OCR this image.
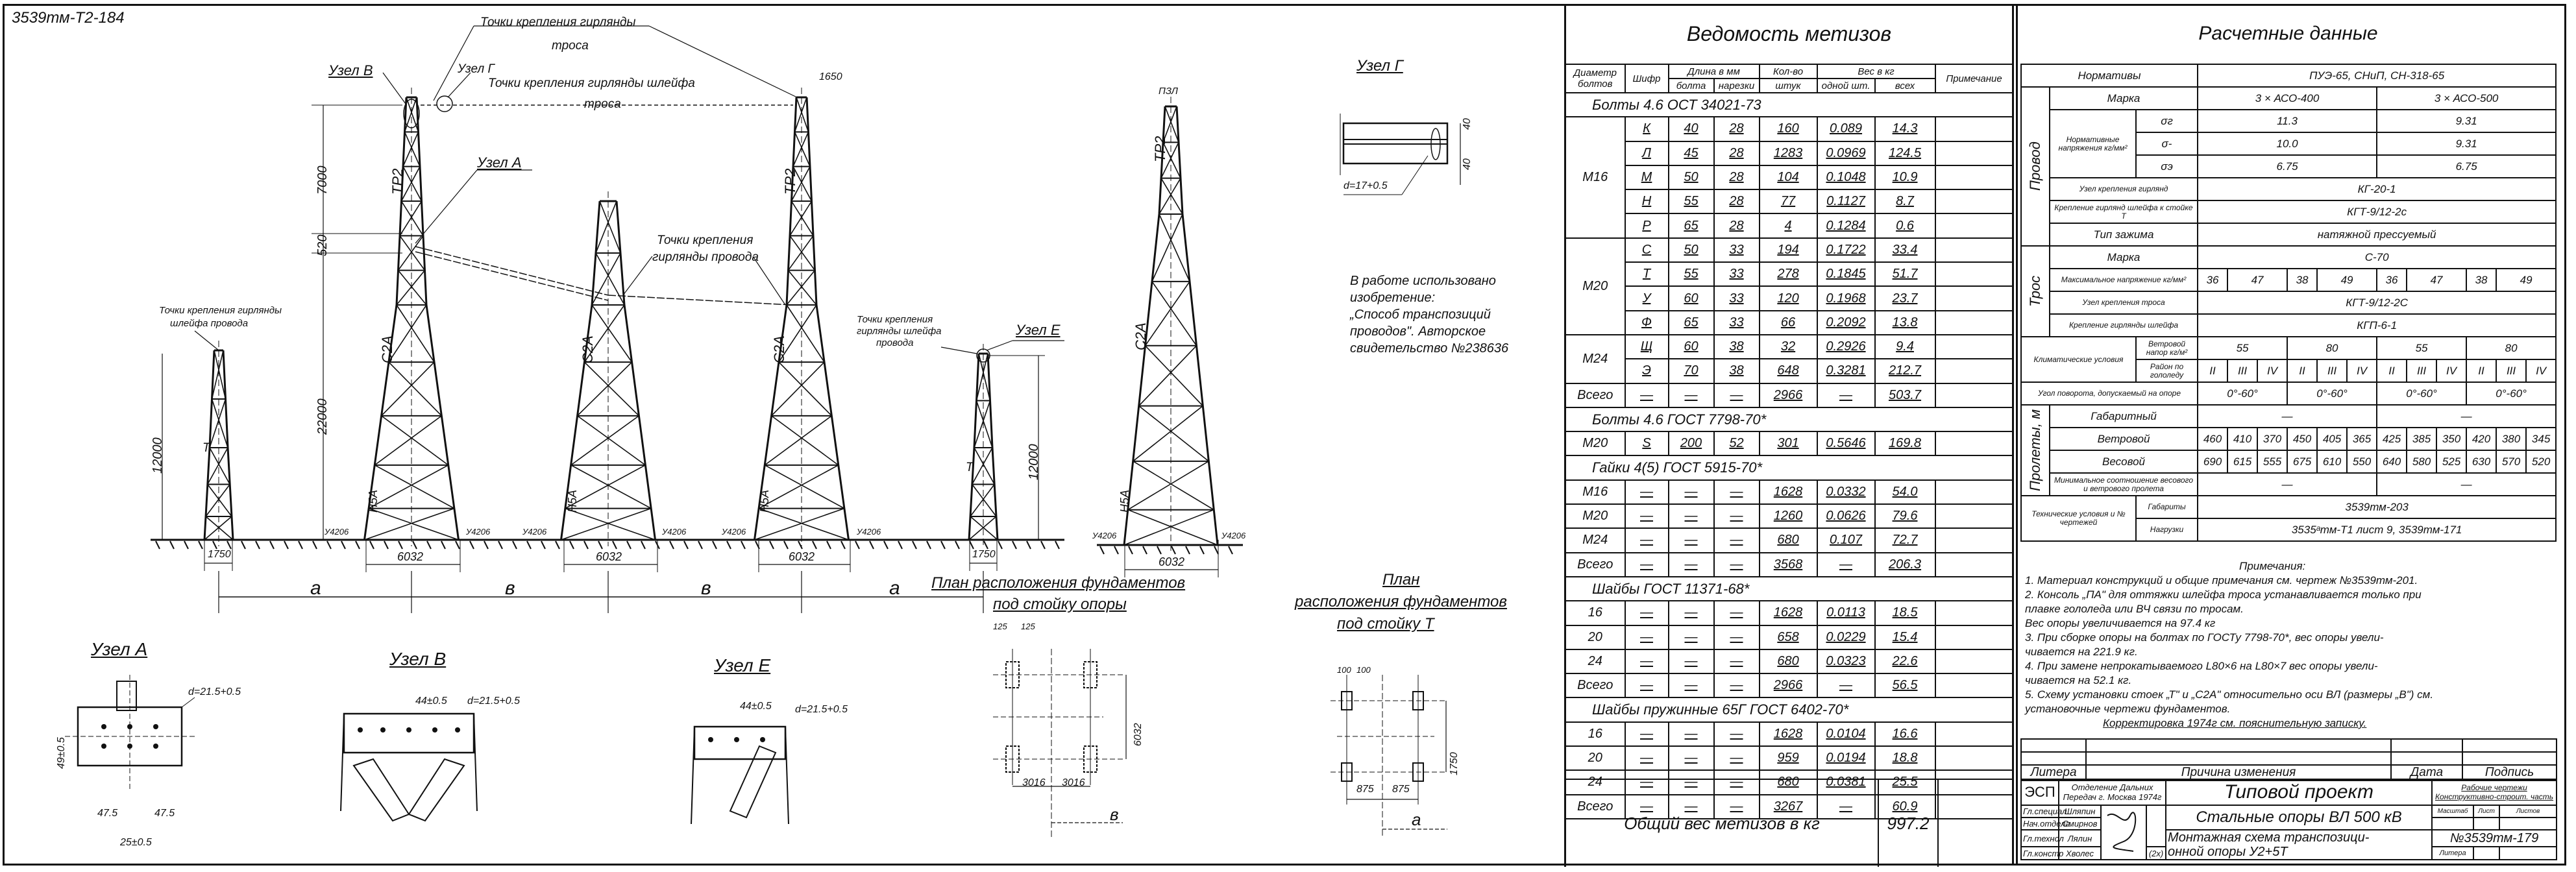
3539тм-Т2-184	Точки крепления гирлянды
троса
Узел В	Узел Г
Точки крепления гирлянды шлейфа
троса
Узел А
Точки крепления
гирлянды провода
Точки крепления гирлянды
шлейфа провода	Точки крепления
гирлянды шлейфа
провода
Узел Е
ТР2	ТР2
ТР2
С2А	С2А	С2А	С2А
Н5А	Н5А	Н5А	Н5А
Т
Т
ПЗЛ
7000
520
22000
12000	12000
1650
6032	6032	6032	6032
1750	1750
У4206	У4206	У4206	У4206	У4206	У4206	У4206	У4206
а	в	в	а
Узел А	Узел В	Узел Е
d=21.5+0.5
d=21.5+0.5
d=21.5+0.5
44±0.5	44±0.5
47.5	47.5
49±0.5
25±0.5
План расположения фундаментов
под стойку опоры
План
расположения фундаментов
под стойку Т
125 125
6032
3016 3016
в
100 100
1750
875 875
а
Узел Г
40
40
d=17+0.5
В работе использовано
изобретение:
„Способ транспозиций
проводов". Авторское
свидетельство №238636
Ведомость метизов
Диаметр болтов	Шифр	Длина в мм		Кол-во	Вес в кг		Примечание
		болта	нарезки	штук	одной шт.	всех	
Болты 4.6 ОСТ 34021-73							
М16	К	40	28	160	0.089	14.3	
	Л	45	28	1283	0.0969	124.5	
	М	50	28	104	0.1048	10.9	
	Н	55	28	77	0.1127	8.7	
	Р	65	28	4	0.1284	0.6	
М20	С	50	33	194	0.1722	33.4	
	Т	55	33	278	0.1845	51.7	
	У	60	33	120	0.1968	23.7	
	Ф	65	33	66	0.2092	13.8	
М24	Щ	60	38	32	0.2926	9.4	
	Э	70	38	648	0.3281	212.7	
Всего	—	—	—	2966	—	503.7	
Болты 4.6 ГОСТ 7798-70*							
М20	Ѕ	200	52	301	0.5646	169.8	
Гайки 4(5) ГОСТ 5915-70*							
М16	—	—	—	1628	0.0332	54.0	
М20	—	—	—	1260	0.0626	79.6	
М24	—	—	—	680	0.107	72.7	
Всего	—	—	—	3568	—	206.3	
Шайбы ГОСТ 11371-68*							
16	—	—	—	1628	0.0113	18.5	
20	—	—	—	658	0.0229	15.4	
24	—	—	—	680	0.0323	22.6	
Всего	—	—	—	2966	—	56.5	
Шайбы пружинные 65Г ГОСТ 6402-70*							
16	—	—	—	1628	0.0104	16.6	
20	—	—	—	959	0.0194	18.8	
24	—	—	—	680	0.0381	25.5	
Всего	—	—	—	3267	—	60.9	
Общий вес метизов в кг	997.2
Расчетные данные
Нормативы			ПУЭ-65, СНиП, СН-318-65											
Провод	Марка		3 × АСО-400						3 × АСО-500					
	Нормативные напряжения кг/мм²	σг	11.3						9.31					
		σ-	10.0						9.31					
		σэ	6.75						6.75					
	Узел крепления гирлянд		КГ-20-1											
	Крепление гирлянд шлейфа к стойке Т		КГТ-9/12-2с											
	Тип зажима		натяжной прессуемый											
Трос	Марка		С-70											
	Максимальное напряжение кг/мм²		36	47		38	49		36	47		38	49	
	Узел крепления троса		КГТ-9/12-2С											
	Крепление гирлянды шлейфа		КГП-6-1											
Климатические условия		Ветровой напор кг/м²	55			80			55			80		
		Район по гололеду	II	III	IV	II	III	IV	II	III	IV	II	III	IV
Угол поворота, допускаемый на опоре			0°-60°			0°-60°			0°-60°			0°-60°		
Пролеты, м	Габаритный		—						—					
	Ветровой		460	410	370	450	405	365	425	385	350	420	380	345
	Весовой		690	615	555	675	610	550	640	580	525	630	570	520
	Минимальное соотношение весового и ветрового пролета		—						—					
Технические условия и № чертежей		Габариты	3539тм-203											
		Нагрузки	3535ᵃтм-Т1 лист 9, 3539тм-171											
Примечания:
1. Материал конструкций и общие примечания см. чертеж №3539тм-201.
2. Консоль „ПА" для оттяжки шлейфа троса устанавливается только при
плавке гололеда или ВЧ связи по тросам.
Вес опоры увеличивается на 97.4 кг
3. При сборке опоры на болтах по ГОСТу 7798-70*, вес опоры увели-
чивается на 221.9 кг.
4. При замене непрокатываемого L80×6 на L80×7 вес опоры увели-
чивается на 52.1 кг.
5. Схему установки стоек „Т" и „С2А" относительно оси ВЛ (размеры „В") см.
установочные чертежи фундаментов.
Корректировка 1974г см. пояснительную записку.

Литера	Причина изменения	Дата	Подпись
ЭСП	Отделение Дальних Передач г. Москва 1974г			Типовой проект	Рабочие чертежи Конструктивно-строит. часть			

Гл.специал	Шляпин			Стальные опоры ВЛ 500 кВ	Масштаб	Лист	Листов	
Нач.отдела	Смирнов							
Гл.технол	Лялин			Монтажная схема транспозици-
онной опоры У2+5Т	№3539тм-179			
Гл.констр	Хволес		(2х)		Литера			
